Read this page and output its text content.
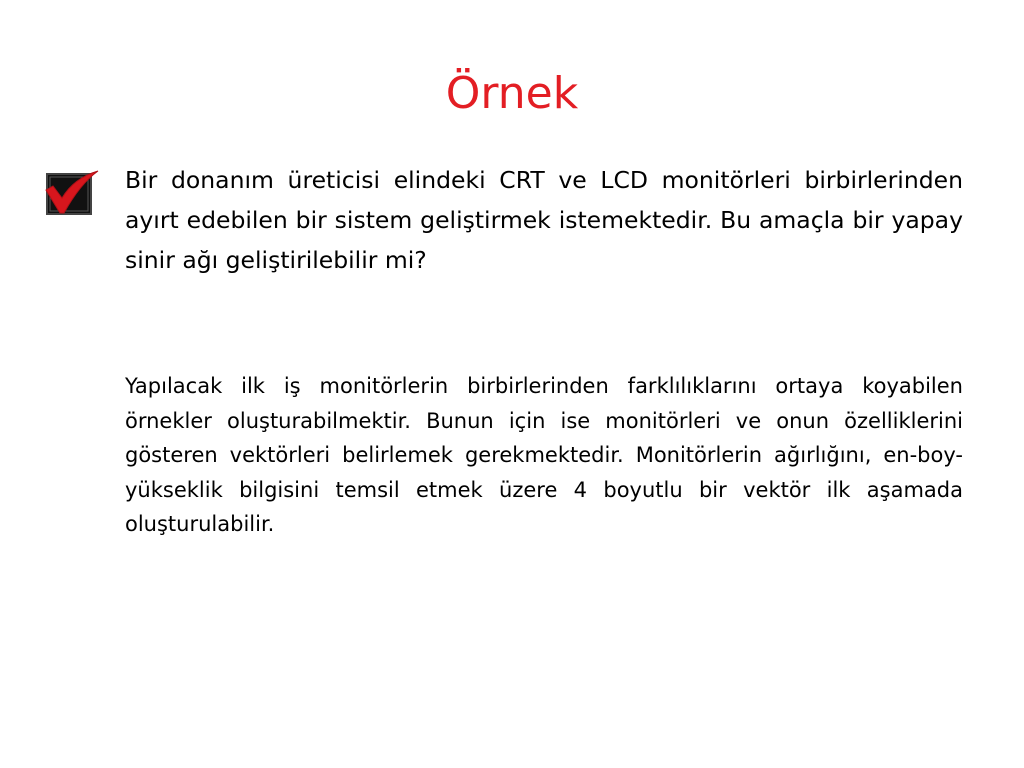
Örnek
Bir donanım üreticisi elindeki CRT ve LCD monitörleri birbirlerinden ayırt edebilen bir sistem geliştirmek istemektedir. Bu amaçla bir yapay sinir ağı geliştirilebilir mi?
Yapılacak ilk iş monitörlerin birbirlerinden farklılıklarını ortaya koyabilen örnekler oluşturabilmektir. Bunun için ise monitörleri ve onun özelliklerini gösteren vektörleri belirlemek gerekmektedir. Monitörlerin ağırlığını, en-boy-yükseklik bilgisini temsil etmek üzere 4 boyutlu bir vektör ilk aşamada oluşturulabilir.
